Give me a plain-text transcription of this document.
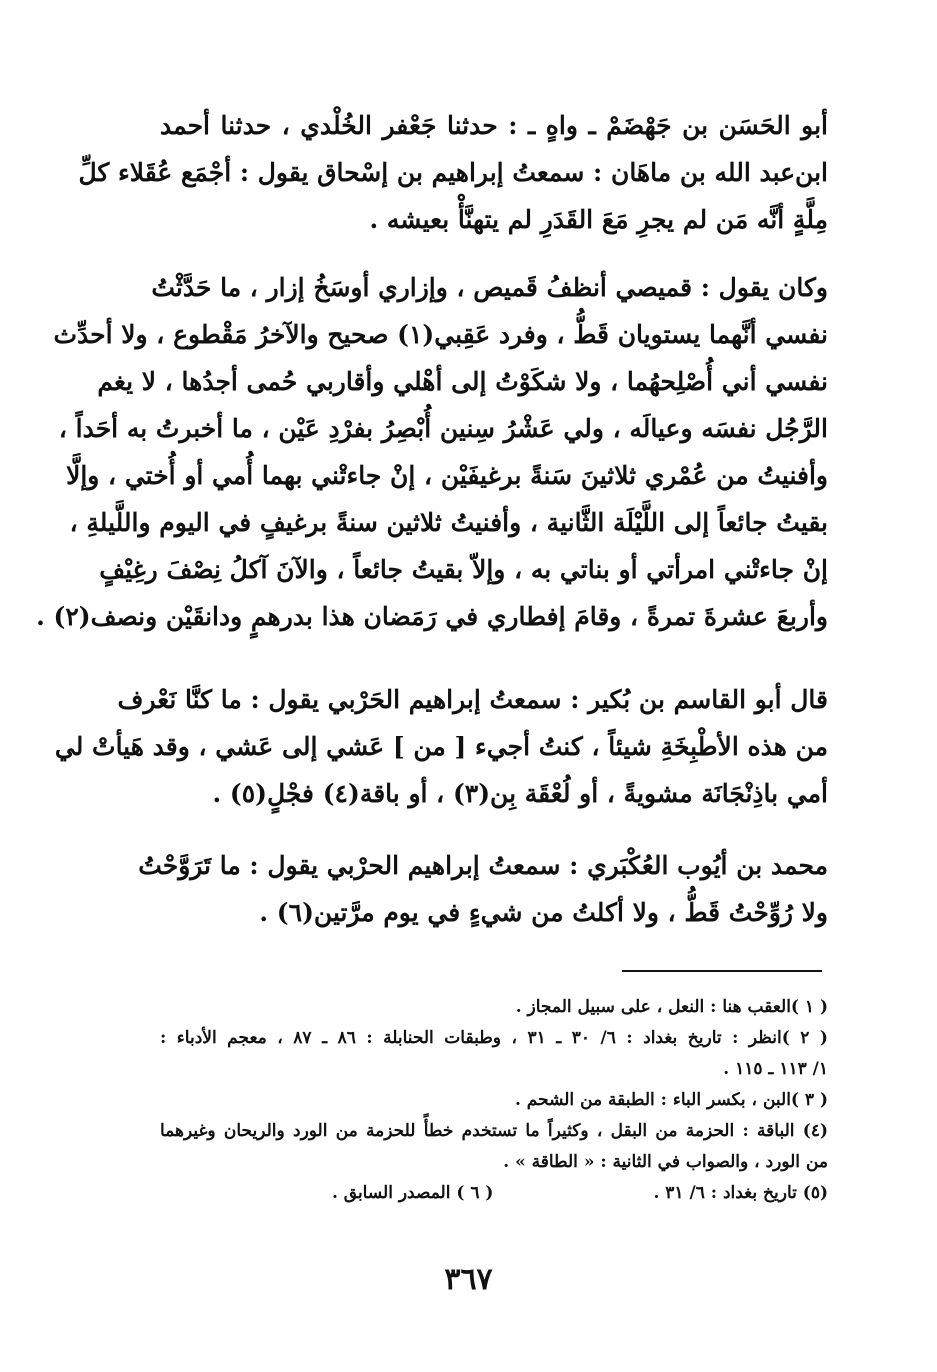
أبو الحَسَن بن جَهْضَمْ ـ واهٍ ـ : حدثنا جَعْفر الخُلْدي ، حدثنا أحمد
ابن‌عبد الله بن ماهَان : سمعتُ إبراهيم بن إسْحاق يقول : أجْمَع عُقَلاء كلِّ
مِلَّةٍ أنَّه مَن لم يجرِ مَعَ القَدَرِ لم يتهنَّأْ بعيشه .
وكان يقول : قميصي أنظفُ قَميص ، وإزاري أوسَخُ إزار ، ما حَدَّثْتُ
نفسي أنَّهما يستويان قَطُّ ، وفرد عَقِبي(١) صحيح والآخرُ مَقْطوع ، ولا أحدِّث
نفسي أني أُصْلِحهُما ، ولا شكَوْتُ إلى أهْلي وأقاربي حُمى أجدُها ، لا يغم
الرَّجُل نفسَه وعيالَه ، ولي عَشْرُ سِنين أُبْصِرُ بفرْدِ عَيْن ، ما أخبرتُ به أحَداً ،
وأفنيتُ من عُمْري ثلاثينَ سَنةً برغيفَيْن ، إنْ جاءتْني بهما أُمي أو أُختي ، وإلَّا
بقيتُ جائعاً إلى اللَّيْلَة الثَّانية ، وأفنيتُ ثلاثين سنةً برغيفٍ في اليوم واللَّيلةِ ،
إنْ جاءتْني امرأتي أو بناتي به ، وإلاّ بقيتُ جائعاً ، والآنَ آكلُ نِصْفَ رغِيْفٍ
وأربعَ عشرةَ تمرةً ، وقامَ إفطاري في رَمَضان هذا بدرهمٍ ودانقَيْن ونصف(٢) .
قال أبو القاسم بن بُكير : سمعتُ إبراهيم الحَرْبي يقول : ما كنَّا نَعْرف
من هذه الأطْبِخَةِ شيئاً ، كنتُ أجيء [ من ] عَشي إلى عَشي ، وقد هَيأتْ لي
أمي باذِنْجَانَة مشويةً ، أو لُعْقَة بِن(٣) ، أو باقة(٤) فجْلٍ(٥) .
محمد بن أيُوب العُكْبَري : سمعتُ إبراهيم الحرْبي يقول : ما تَرَوَّحْتُ
ولا رُوِّحْتُ قَطُّ ، ولا أكلتُ من شيءٍ في يوم مرَّتين(٦) .
( ١ )العقب هنا : النعل ، على سبيل المجاز .
( ٢ )انظر : تاريخ بغداد : ٦/ ٣٠ ـ ٣١ ، وطبقات الحنابلة : ٨٦ ـ ٨٧ ، معجم الأدباء :
١/ ١١٣ ـ ١١٥ .
( ٣ )البن ، بكسر الباء : الطبقة من الشحم .
(٤) الباقة : الحزمة من البقل ، وكثيراً ما تستخدم خطأً للحزمة من الورد والريحان وغيرهما
من الورد ، والصواب في الثانية : « الطاقة » .
(٥) تاريخ بغداد : ٦/ ٣١ .
( ٦ ) المصدر السابق .
٣٦٧
